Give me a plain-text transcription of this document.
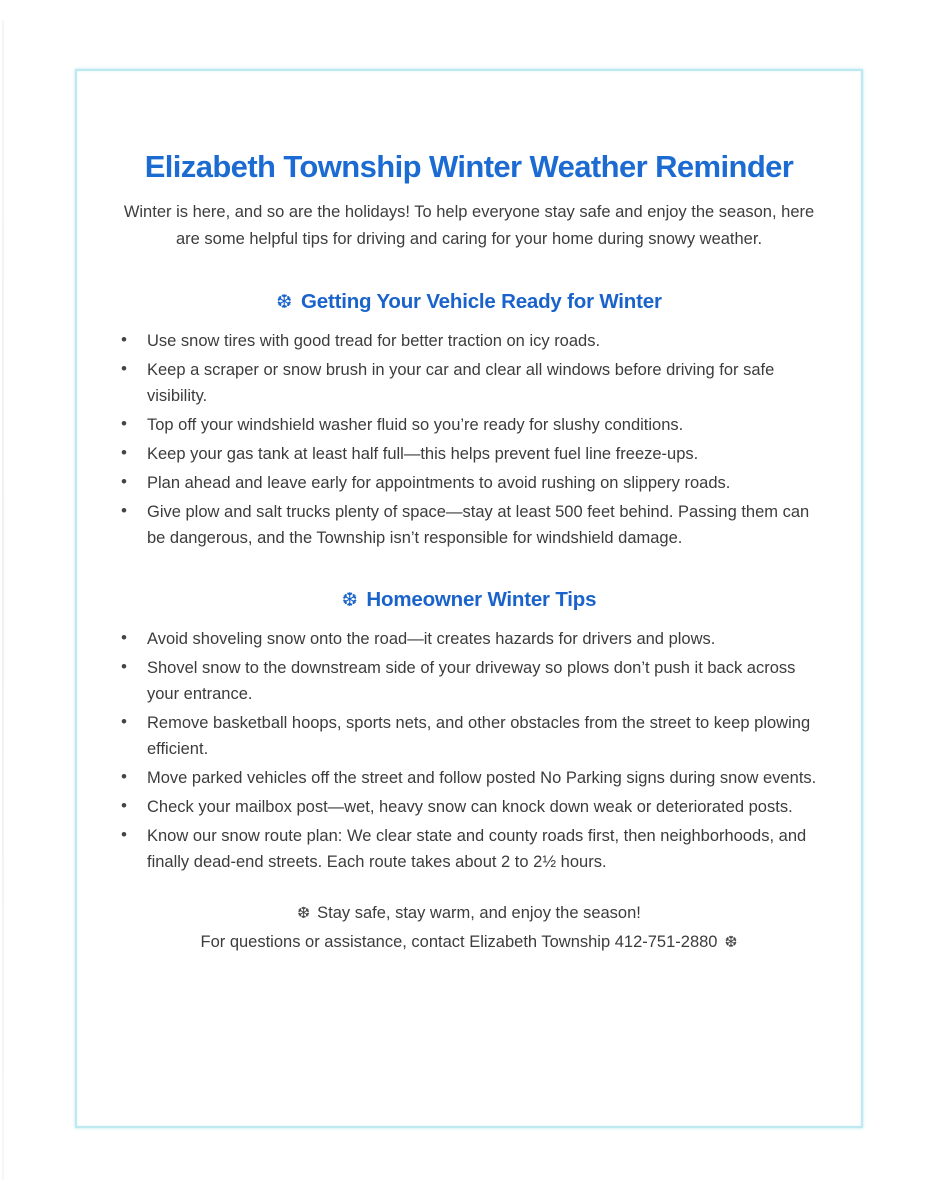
Elizabeth Township Winter Weather Reminder

Winter is here, and so are the holidays! To help everyone stay safe and enjoy the season, here are some helpful tips for driving and caring for your home during snowy weather.

❆ Getting Your Vehicle Ready for Winter
• Use snow tires with good tread for better traction on icy roads.
• Keep a scraper or snow brush in your car and clear all windows before driving for safe visibility.
• Top off your windshield washer fluid so you’re ready for slushy conditions.
• Keep your gas tank at least half full—this helps prevent fuel line freeze-ups.
• Plan ahead and leave early for appointments to avoid rushing on slippery roads.
• Give plow and salt trucks plenty of space—stay at least 500 feet behind. Passing them can be dangerous, and the Township isn’t responsible for windshield damage.
❆ Homeowner Winter Tips
• Avoid shoveling snow onto the road—it creates hazards for drivers and plows.
• Shovel snow to the downstream side of your driveway so plows don’t push it back across your entrance.
• Remove basketball hoops, sports nets, and other obstacles from the street to keep plowing efficient.
• Move parked vehicles off the street and follow posted No Parking signs during snow events.
• Check your mailbox post—wet, heavy snow can knock down weak or deteriorated posts.
• Know our snow route plan: We clear state and county roads first, then neighborhoods, and finally dead-end streets. Each route takes about 2 to 2½ hours.

❆ Stay safe, stay warm, and enjoy the season!

For questions or assistance, contact Elizabeth Township 412-751-2880 ❆
